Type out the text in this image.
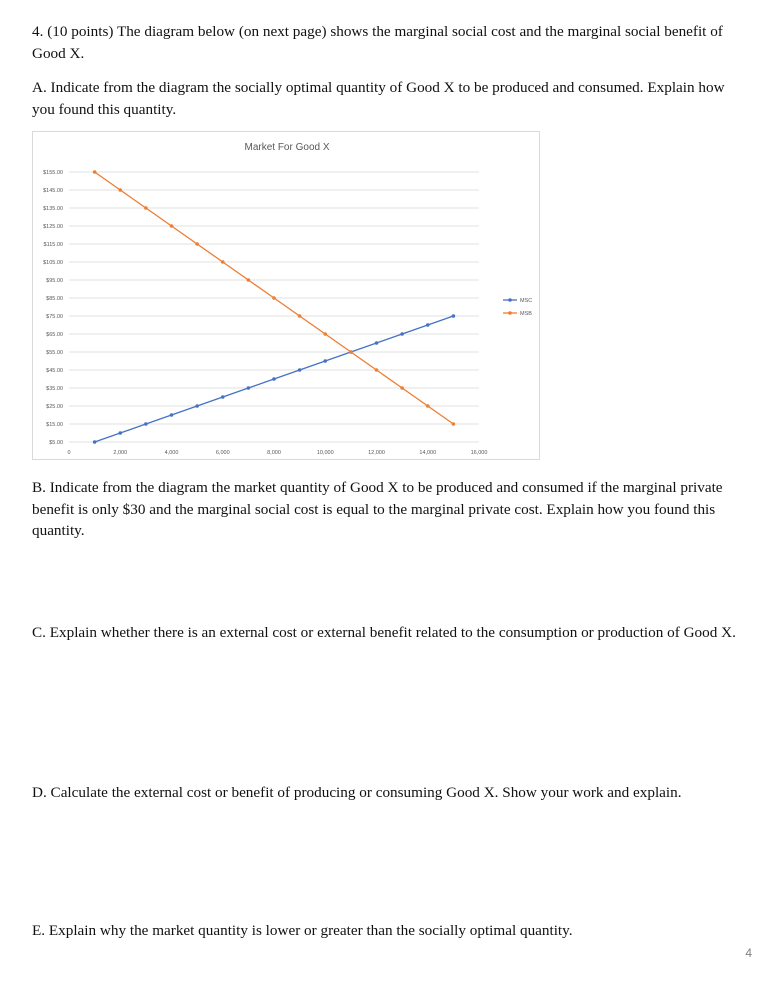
4. (10 points) The diagram below (on next page) shows the marginal social cost and the marginal social benefit of Good X.

A. Indicate from the diagram the socially optimal quantity of Good X to be produced and consumed. Explain how you found this quantity.

Market For Good X
$5.00
$15.00
$25.00
$35.00
$45.00
$55.00
$65.00
$75.00
$85.00
$95.00
$105.00
$115.00
$125.00
$135.00
$145.00
$155.00
0	2,000	4,000	6,000	8,000	10,000	12,000	14,000	16,000
MSC
MSB

B. Indicate from the diagram the market quantity of Good X to be produced and consumed if the marginal private benefit is only $30 and the marginal social cost is equal to the marginal private cost. Explain how you found this quantity.

C. Explain whether there is an external cost or external benefit related to the consumption or production of Good X.

D. Calculate the external cost or benefit of producing or consuming Good X. Show your work and explain.

E. Explain why the market quantity is lower or greater than the socially optimal quantity.

4
